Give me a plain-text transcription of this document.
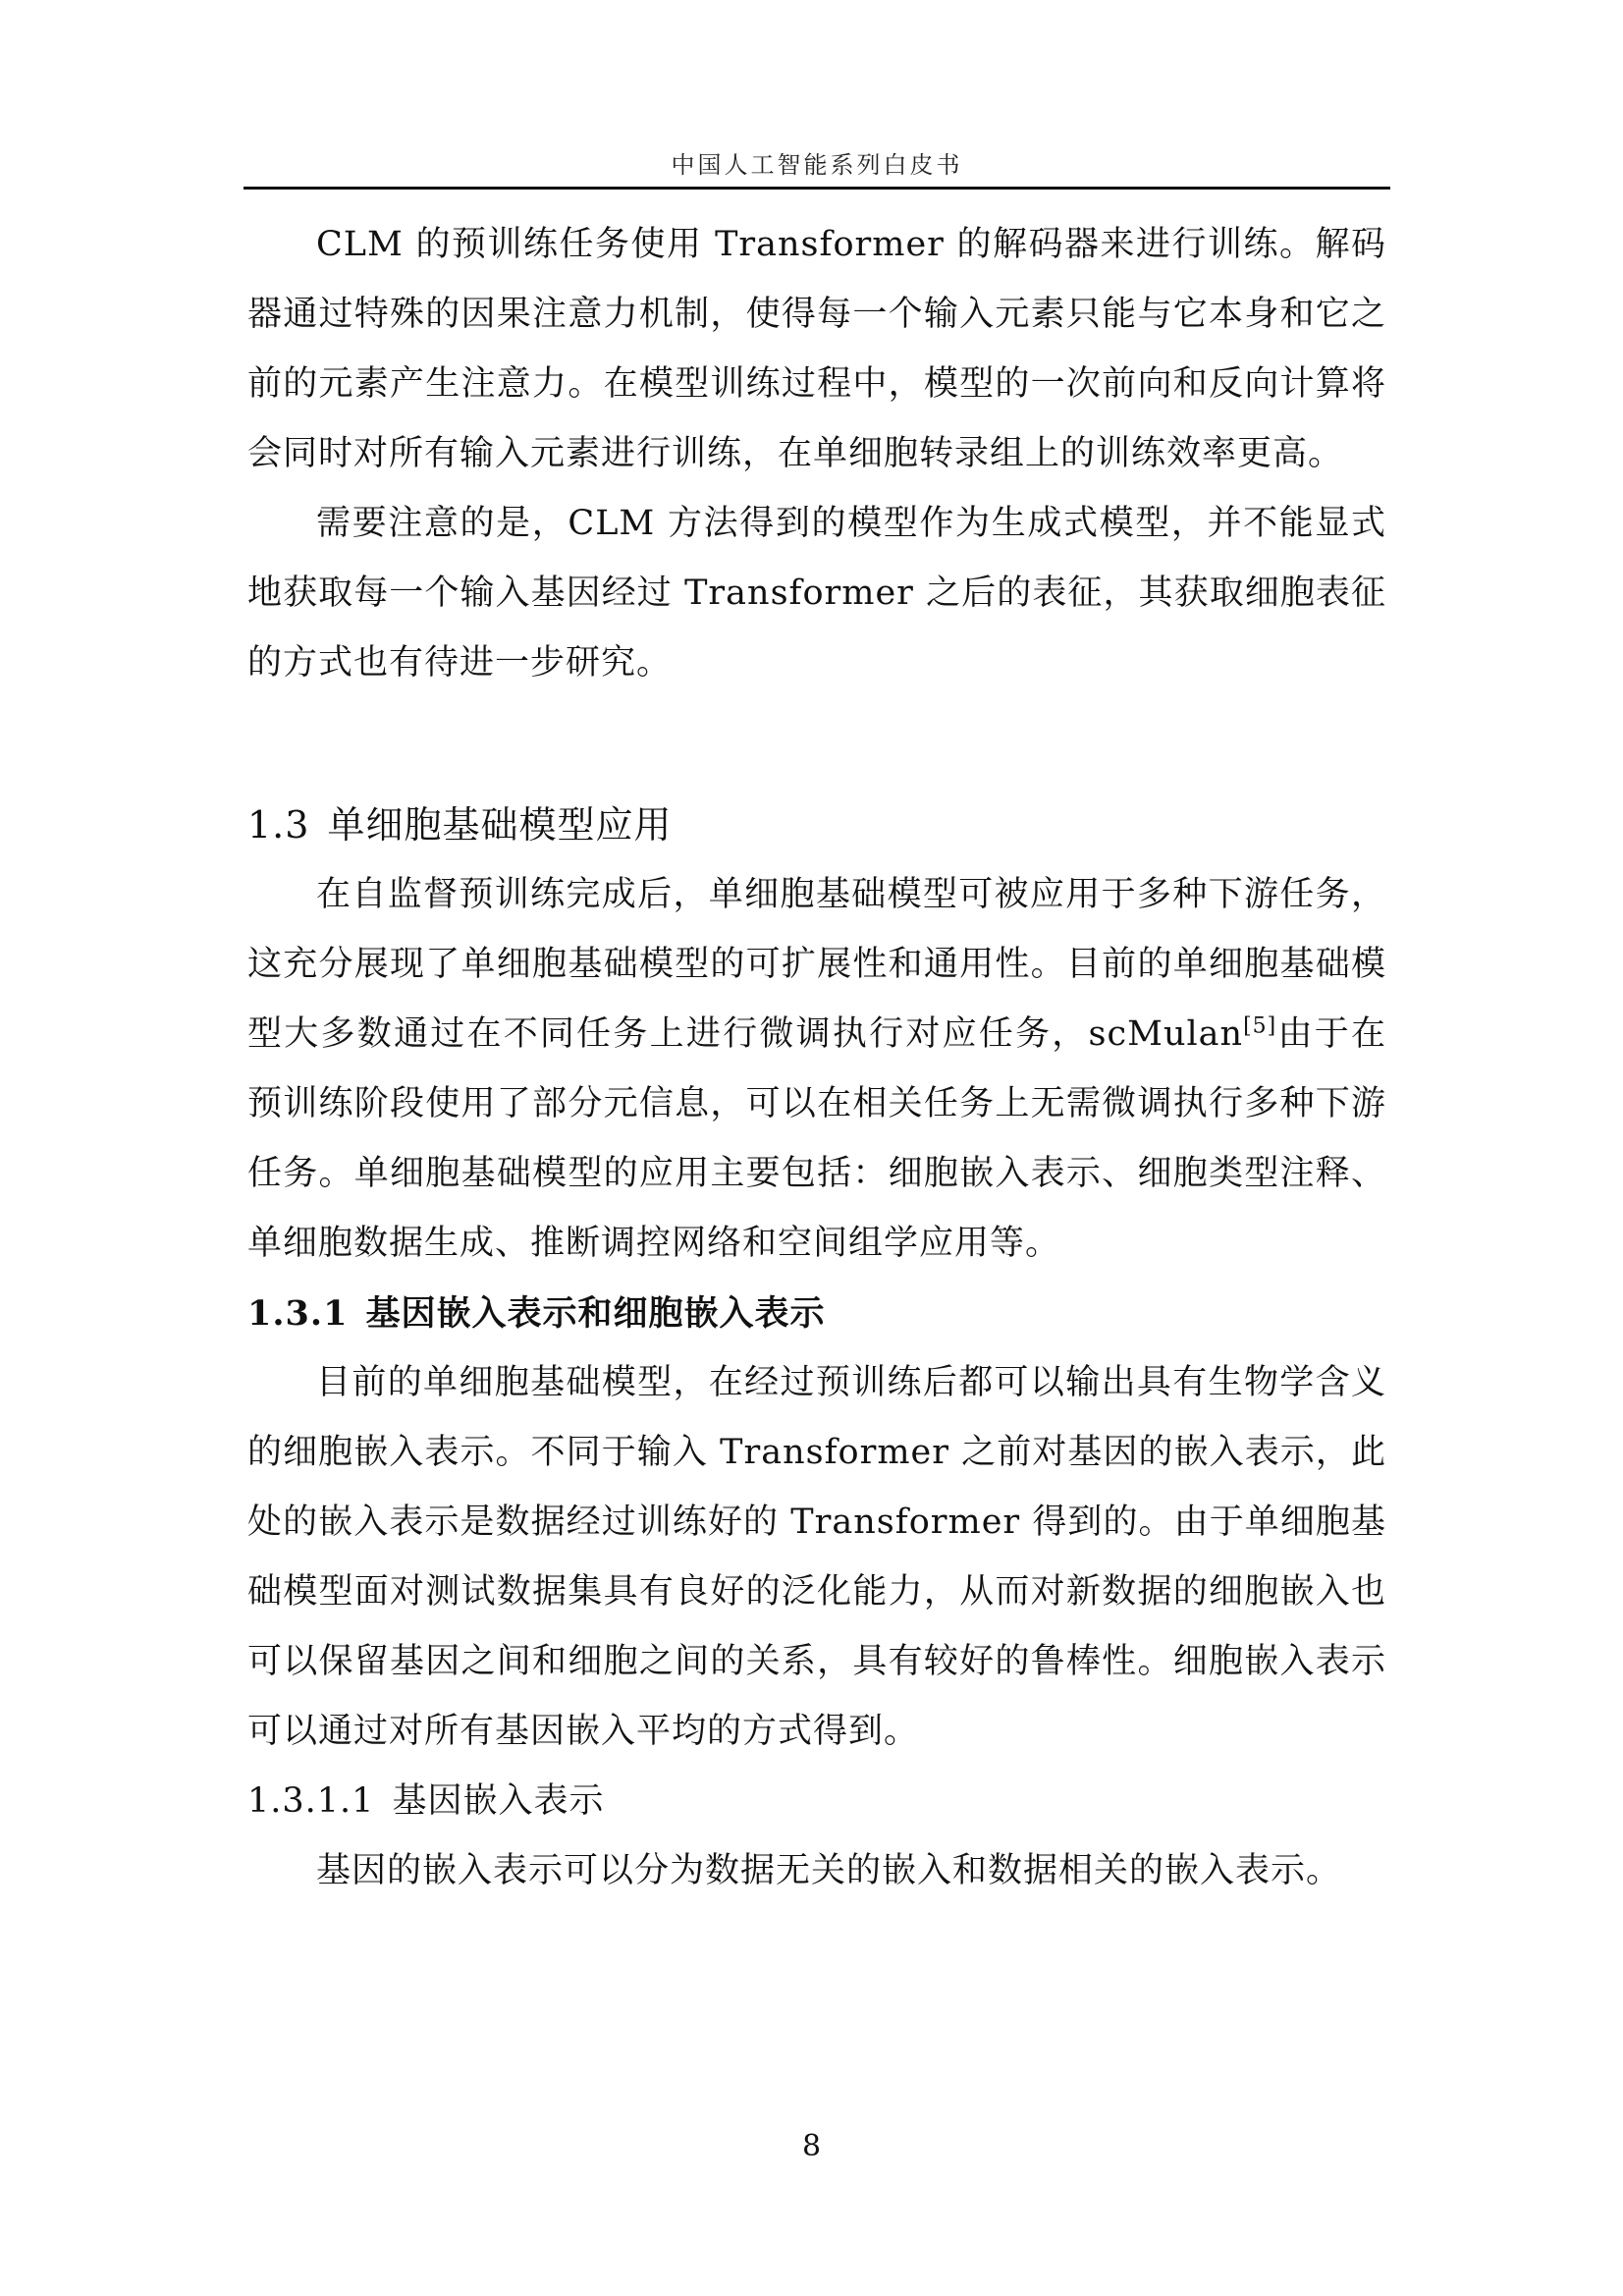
中国人工智能系列白皮书

CLM 的预训练任务使用 Transformer 的解码器来进行训练。解码器通过特殊的因果注意力机制，使得每一个输入元素只能与它本身和它之前的元素产生注意力。在模型训练过程中，模型的一次前向和反向计算将会同时对所有输入元素进行训练，在单细胞转录组上的训练效率更高。

需要注意的是，CLM 方法得到的模型作为生成式模型，并不能显式地获取每一个输入基因经过 Transformer 之后的表征，其获取细胞表征的方式也有待进一步研究。

1.3 单细胞基础模型应用

在自监督预训练完成后，单细胞基础模型可被应用于多种下游任务，这充分展现了单细胞基础模型的可扩展性和通用性。目前的单细胞基础模型大多数通过在不同任务上进行微调执行对应任务，scMulan[5]由于在预训练阶段使用了部分元信息，可以在相关任务上无需微调执行多种下游任务。单细胞基础模型的应用主要包括：细胞嵌入表示、细胞类型注释、单细胞数据生成、推断调控网络和空间组学应用等。

1.3.1 基因嵌入表示和细胞嵌入表示

目前的单细胞基础模型，在经过预训练后都可以输出具有生物学含义的细胞嵌入表示。不同于输入 Transformer 之前对基因的嵌入表示，此处的嵌入表示是数据经过训练好的 Transformer 得到的。由于单细胞基础模型面对测试数据集具有良好的泛化能力，从而对新数据的细胞嵌入也可以保留基因之间和细胞之间的关系，具有较好的鲁棒性。细胞嵌入表示可以通过对所有基因嵌入平均的方式得到。

1.3.1.1 基因嵌入表示

基因的嵌入表示可以分为数据无关的嵌入和数据相关的嵌入表示。

8
